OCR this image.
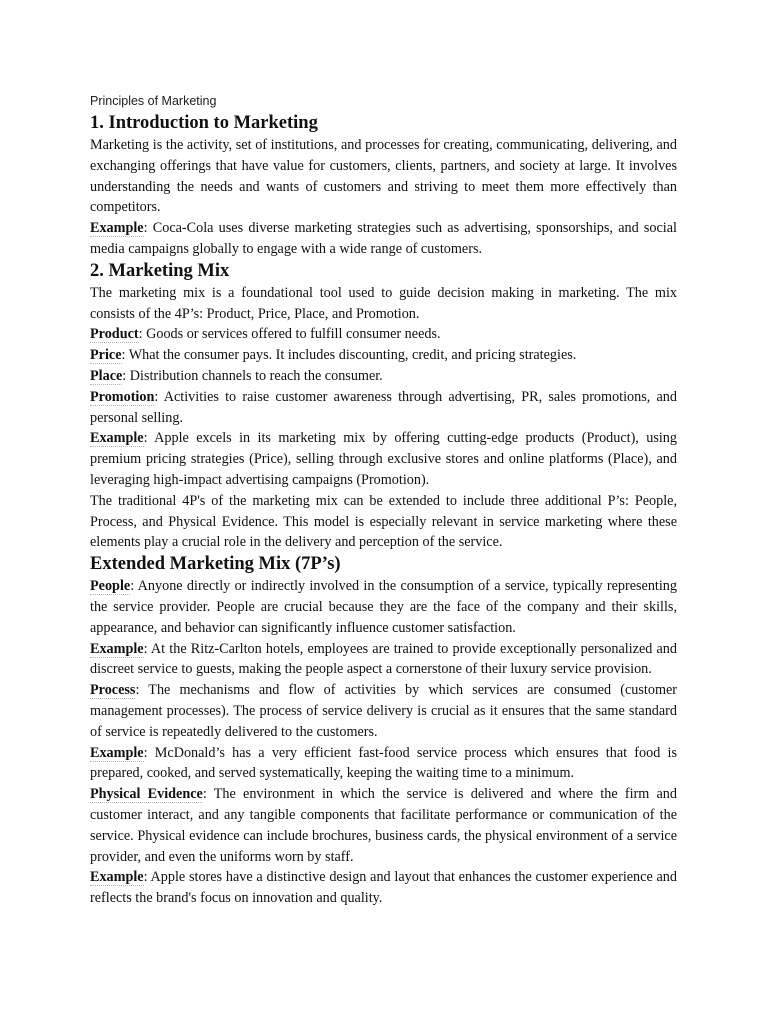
Principles of Marketing
1. Introduction to Marketing

Marketing is the activity, set of institutions, and processes for creating, communicating, delivering, and exchanging offerings that have value for customers, clients, partners, and society at large. It involves understanding the needs and wants of customers and striving to meet them more effectively than competitors.

Example: Coca-Cola uses diverse marketing strategies such as advertising, sponsorships, and social media campaigns globally to engage with a wide range of customers.

2. Marketing Mix

The marketing mix is a foundational tool used to guide decision making in marketing. The mix consists of the 4P’s: Product, Price, Place, and Promotion.

Product: Goods or services offered to fulfill consumer needs.

Price: What the consumer pays. It includes discounting, credit, and pricing strategies.

Place: Distribution channels to reach the consumer.

Promotion: Activities to raise customer awareness through advertising, PR, sales promotions, and personal selling.

Example: Apple excels in its marketing mix by offering cutting-edge products (Product), using premium pricing strategies (Price), selling through exclusive stores and online platforms (Place), and leveraging high-impact advertising campaigns (Promotion).

The traditional 4P's of the marketing mix can be extended to include three additional P’s: People, Process, and Physical Evidence. This model is especially relevant in service marketing where these elements play a crucial role in the delivery and perception of the service.

Extended Marketing Mix (7P’s)

People: Anyone directly or indirectly involved in the consumption of a service, typically representing the service provider. People are crucial because they are the face of the company and their skills, appearance, and behavior can significantly influence customer satisfaction.

Example: At the Ritz-Carlton hotels, employees are trained to provide exceptionally personalized and discreet service to guests, making the people aspect a cornerstone of their luxury service provision.

Process: The mechanisms and flow of activities by which services are consumed (customer management processes). The process of service delivery is crucial as it ensures that the same standard of service is repeatedly delivered to the customers.

Example: McDonald’s has a very efficient fast-food service process which ensures that food is prepared, cooked, and served systematically, keeping the waiting time to a minimum.

Physical Evidence: The environment in which the service is delivered and where the firm and customer interact, and any tangible components that facilitate performance or communication of the service. Physical evidence can include brochures, business cards, the physical environment of a service provider, and even the uniforms worn by staff.

Example: Apple stores have a distinctive design and layout that enhances the customer experience and reflects the brand's focus on innovation and quality.
